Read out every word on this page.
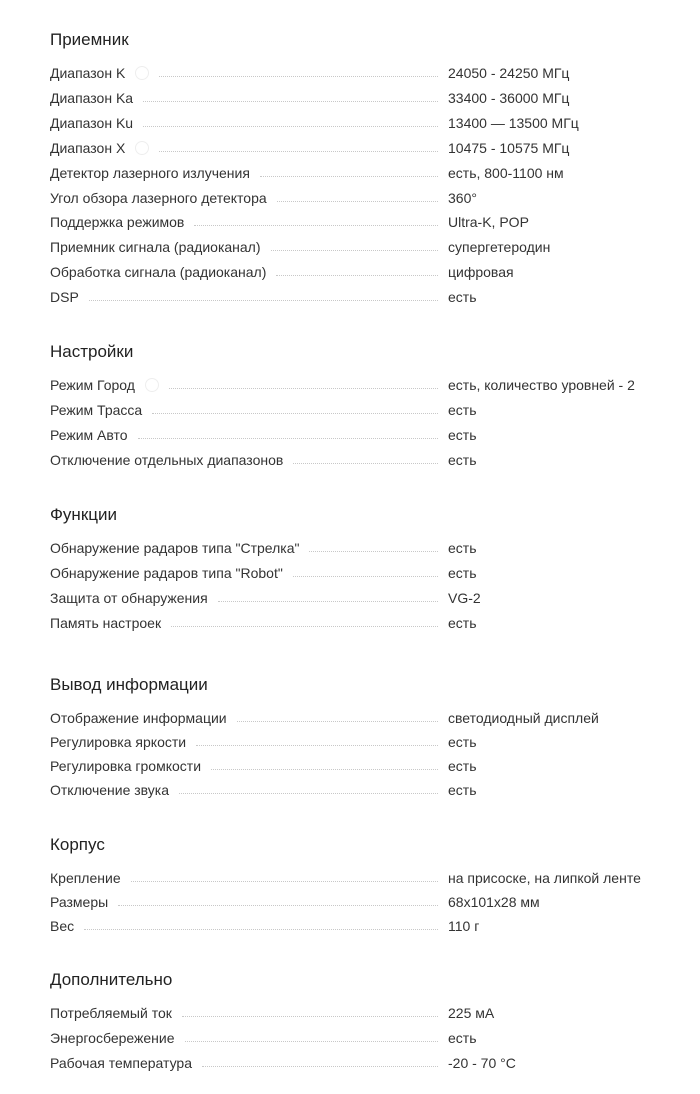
Приемник
Диапазон K	24050 - 24250 МГц
Диапазон Ka	33400 - 36000 МГц
Диапазон Ku	13400 — 13500 МГц
Диапазон X	10475 - 10575 МГц
Детектор лазерного излучения	есть, 800-1100 нм
Угол обзора лазерного детектора	360°
Поддержка режимов	Ultra-K, POP
Приемник сигнала (радиоканал)	супергетеродин
Обработка сигнала (радиоканал)	цифровая
DSP	есть
Настройки
Режим Город	есть, количество уровней - 2
Режим Трасса	есть
Режим Авто	есть
Отключение отдельных диапазонов	есть
Функции
Обнаружение радаров типа "Стрелка"	есть
Обнаружение радаров типа "Robot"	есть
Защита от обнаружения	VG-2
Память настроек	есть
Вывод информации
Отображение информации	светодиодный дисплей
Регулировка яркости	есть
Регулировка громкости	есть
Отключение звука	есть
Корпус
Крепление	на присоске, на липкой ленте
Размеры	68x101x28 мм
Вес	110 г
Дополнительно
Потребляемый ток	225 мА
Энергосбережение	есть
Рабочая температура	-20 - 70 °С
